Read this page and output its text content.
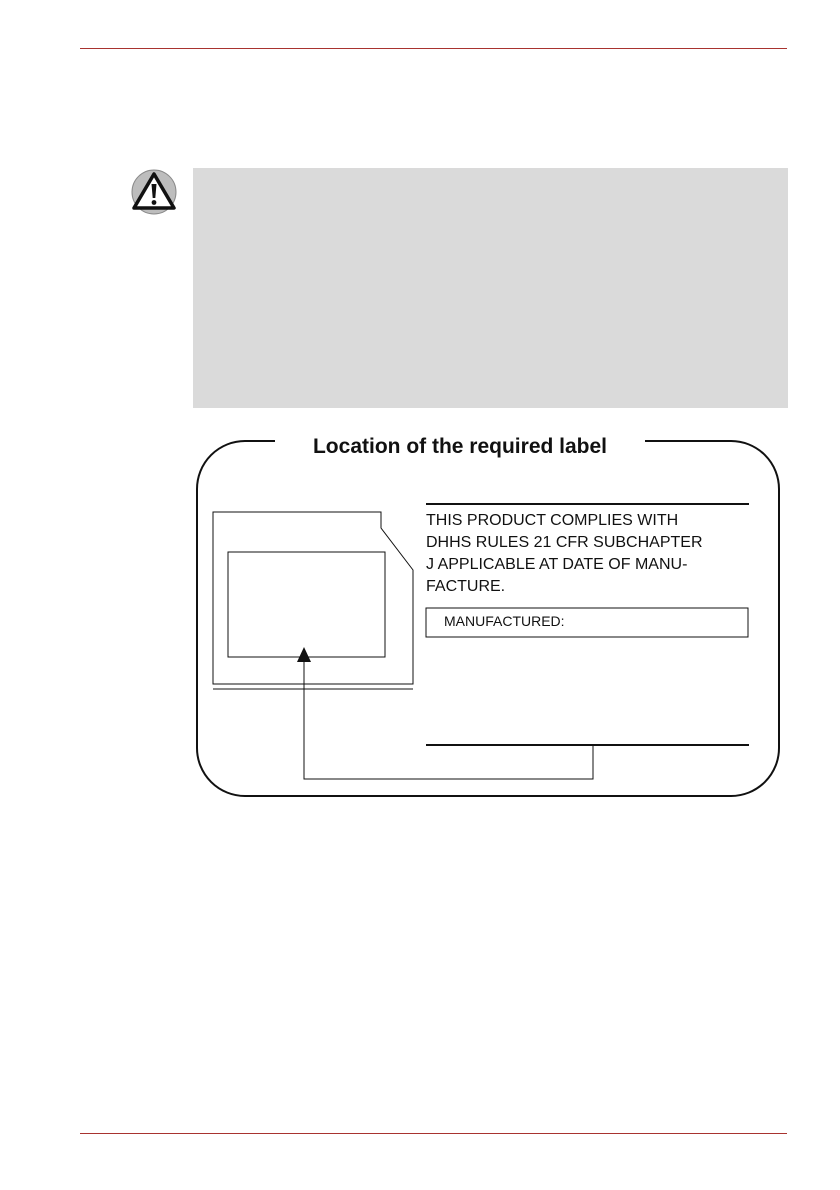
Location of the required label
THIS PRODUCT COMPLIES WITH
DHHS RULES 21 CFR SUBCHAPTER
J APPLICABLE AT DATE OF MANU-
FACTURE.
MANUFACTURED:
